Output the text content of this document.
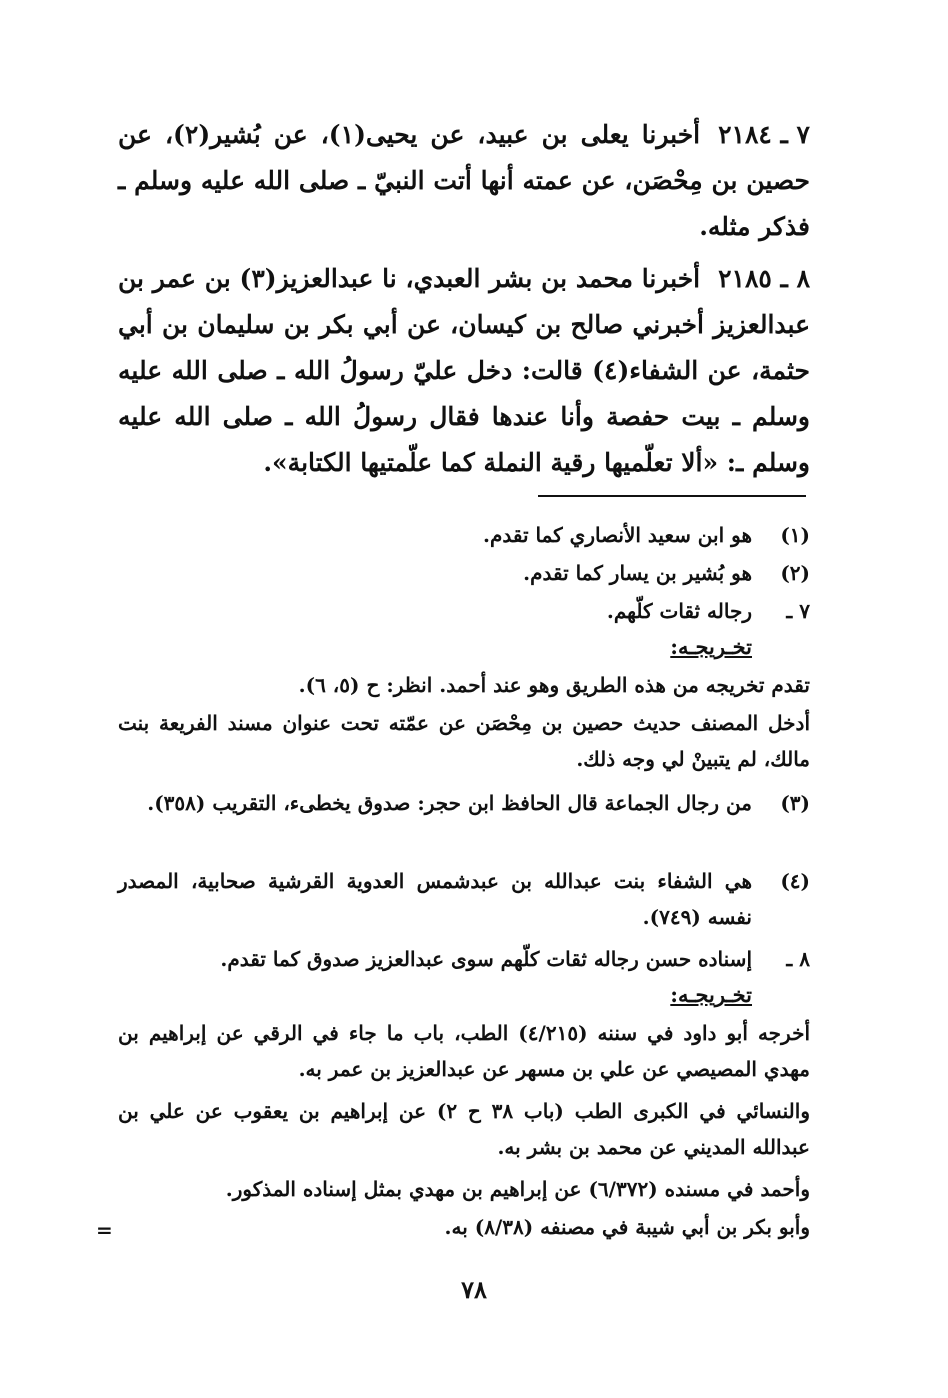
٧ ـ ٢١٨٤أخبرنا يعلى بن عبيد، عن يحيى(١)، عن بُشير(٢)، عن حصين بن مِحْصَن، عن عمته أنها أتت النبيّ ـ صلى الله عليه وسلم ـ فذكر مثله.
٨ ـ ٢١٨٥أخبرنا محمد بن بشر العبدي، نا عبدالعزيز(٣) بن عمر بن عبدالعزيز أخبرني صالح بن كيسان، عن أبي بكر بن سليمان بن أبي حثمة، عن الشفاء(٤) قالت: دخل عليّ رسولُ الله ـ صلى الله عليه وسلم ـ بيت حفصة وأنا عندها فقال رسولُ الله ـ صلى الله عليه وسلم ـ: «ألا تعلّميها رقية النملة كما علّمتيها الكتابة».
(١)
هو ابن سعيد الأنصاري كما تقدم.
(٢)
هو بُشير بن يسار كما تقدم.
٧ ـ
رجاله ثقات كلّهم.
تخـريجـه:
تقدم تخريجه من هذه الطريق وهو عند أحمد. انظر: ح (٥، ٦).
أدخل المصنف حديث حصين بن مِحْصَن عن عمّته تحت عنوان مسند الفريعة بنت مالك، لم يتبينْ لي وجه ذلك.
(٣)
من رجال الجماعة قال الحافظ ابن حجر: صدوق يخطىء، التقريب (٣٥٨).
(٤)
هي الشفاء بنت عبدالله بن عبدشمس العدوية القرشية صحابية، المصدر نفسه (٧٤٩).
٨ ـ
إسناده حسن رجاله ثقات كلّهم سوى عبدالعزيز صدوق كما تقدم.
تخـريجـه:
أخرجه أبو داود في سننه (٤/٢١٥) الطب، باب ما جاء في الرقي عن إبراهيم بن مهدي المصيصي عن علي بن مسهر عن عبدالعزيز بن عمر به.
والنسائي في الكبرى الطب (باب ٣٨ ح ٢) عن إبراهيم بن يعقوب عن علي بن عبدالله المديني عن محمد بن بشر به.
وأحمد في مسنده (٦/٣٧٢) عن إبراهيم بن مهدي بمثل إسناده المذكور.
وأبو بكر بن أبي شيبة في مصنفه (٨/٣٨) به.
=
٧٨
